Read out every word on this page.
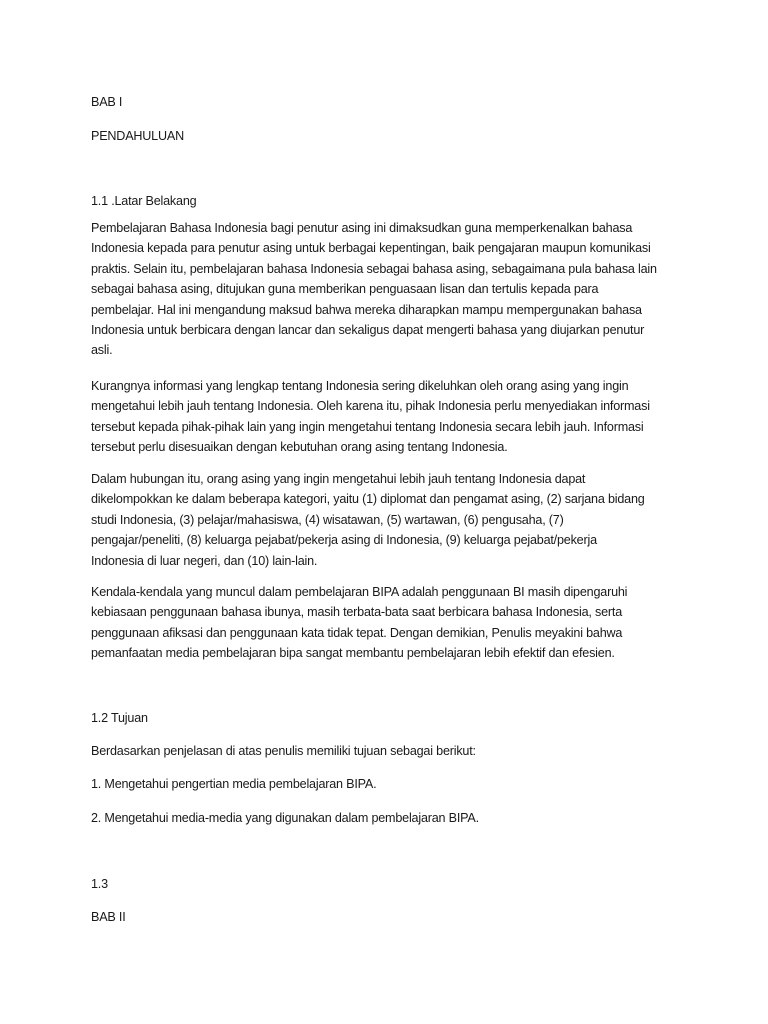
BAB I
PENDAHULUAN
1.1 .Latar Belakang
Pembelajaran Bahasa Indonesia bagi penutur asing ini dimaksudkan guna memperkenalkan bahasa
Indonesia kepada para penutur asing untuk berbagai kepentingan, baik pengajaran maupun komunikasi
praktis. Selain itu, pembelajaran bahasa Indonesia sebagai bahasa asing, sebagaimana pula bahasa lain
sebagai bahasa asing, ditujukan guna memberikan penguasaan lisan dan tertulis kepada para
pembelajar. Hal ini mengandung maksud bahwa mereka diharapkan mampu mempergunakan bahasa
Indonesia untuk berbicara dengan lancar dan sekaligus dapat mengerti bahasa yang diujarkan penutur
asli.
Kurangnya informasi yang lengkap tentang Indonesia sering dikeluhkan oleh orang asing yang ingin
mengetahui lebih jauh tentang Indonesia. Oleh karena itu, pihak Indonesia perlu menyediakan informasi
tersebut kepada pihak-pihak lain yang ingin mengetahui tentang Indonesia secara lebih jauh. Informasi
tersebut perlu disesuaikan dengan kebutuhan orang asing tentang Indonesia.
Dalam hubungan itu, orang asing yang ingin mengetahui lebih jauh tentang Indonesia dapat
dikelompokkan ke dalam beberapa kategori, yaitu (1) diplomat dan pengamat asing, (2) sarjana bidang
studi Indonesia, (3) pelajar/mahasiswa, (4) wisatawan, (5) wartawan, (6) pengusaha, (7)
pengajar/peneliti, (8) keluarga pejabat/pekerja asing di Indonesia, (9) keluarga pejabat/pekerja
Indonesia di luar negeri, dan (10) lain-lain.
Kendala-kendala yang muncul dalam pembelajaran BIPA adalah penggunaan BI masih dipengaruhi
kebiasaan penggunaan bahasa ibunya, masih terbata-bata saat berbicara bahasa Indonesia, serta
penggunaan afiksasi dan penggunaan kata tidak tepat. Dengan demikian, Penulis meyakini bahwa
pemanfaatan media pembelajaran bipa sangat membantu pembelajaran lebih efektif dan efesien.
1.2 Tujuan
Berdasarkan penjelasan di atas penulis memiliki tujuan sebagai berikut:
1. Mengetahui pengertian media pembelajaran BIPA.
2. Mengetahui media-media yang digunakan dalam pembelajaran BIPA.
1.3
BAB II
